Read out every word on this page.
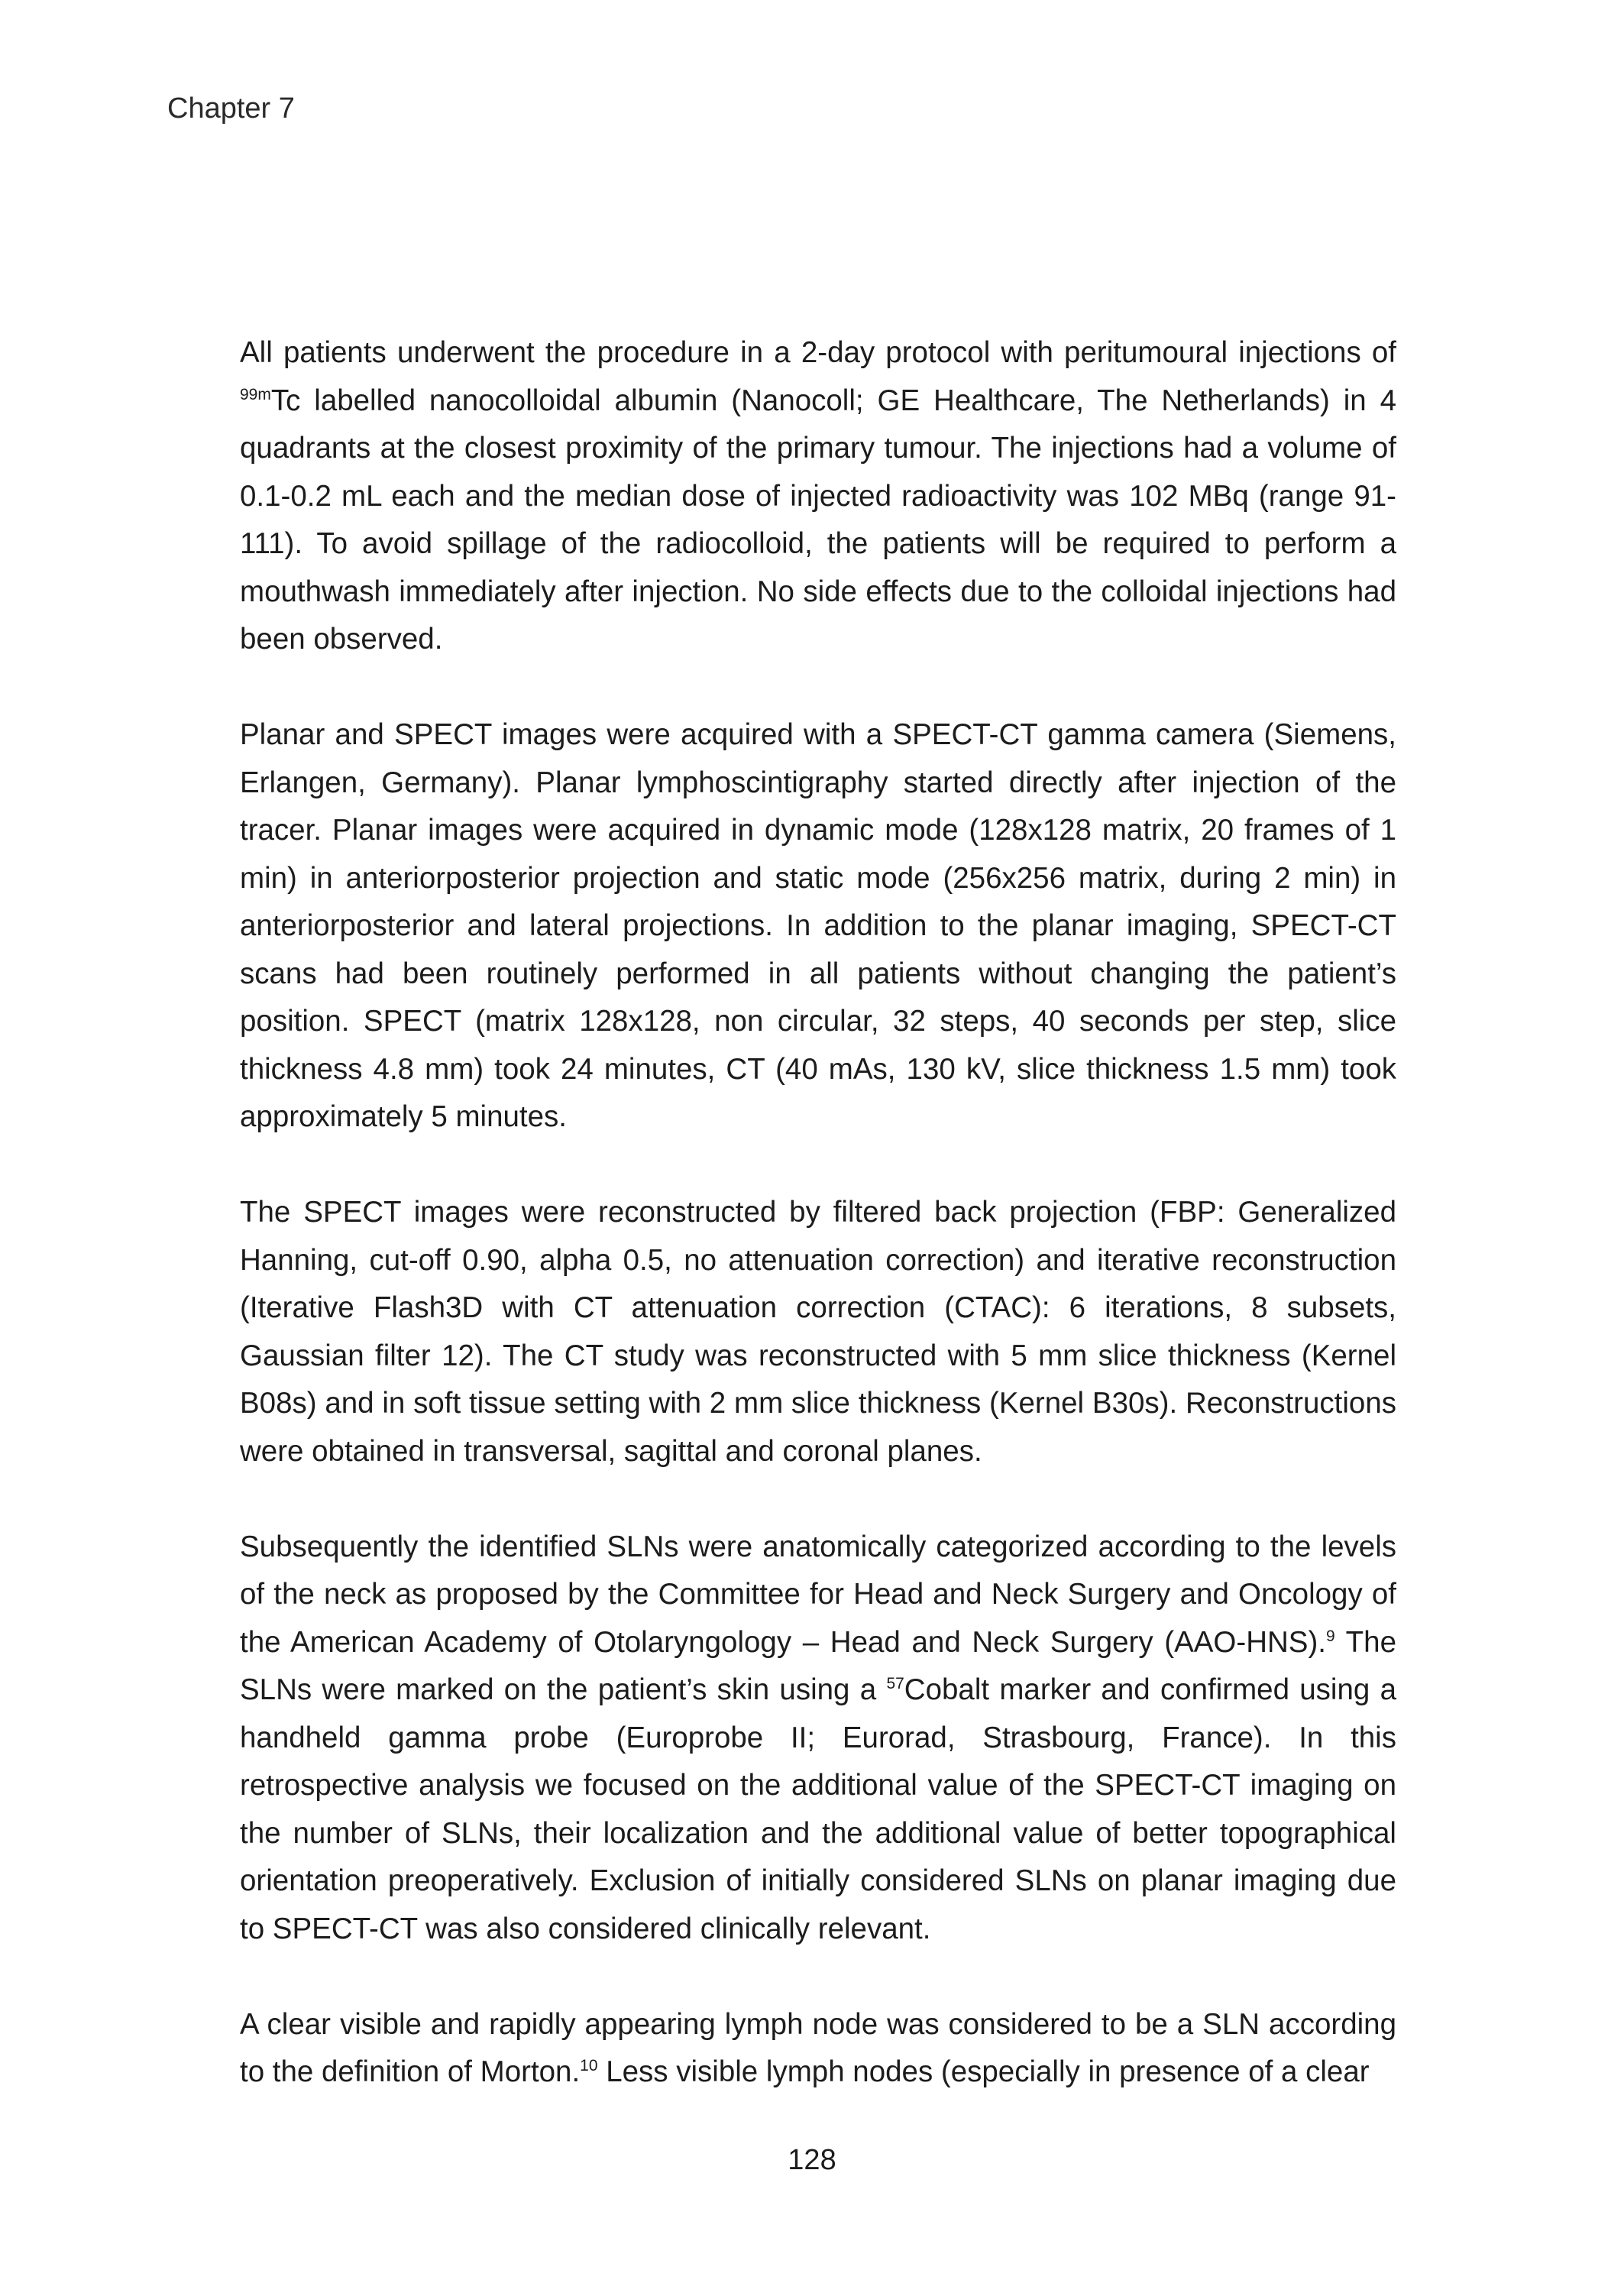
Chapter 7

All patients underwent the procedure in a 2-day protocol with peritumoural injections of $^{99m}$Tc labelled nanocolloidal albumin (Nanocoll; GE Healthcare, The Netherlands) in 4 quadrants at the closest proximity of the primary tumour. The injections had a volume of 0.1-0.2 mL each and the median dose of injected radioactivity was 102 MBq (range 91-111). To avoid spillage of the radiocolloid, the patients will be required to perform a mouthwash immediately after injection. No side effects due to the colloidal injections had been observed.

Planar and SPECT images were acquired with a SPECT-CT gamma camera (Siemens, Erlangen, Germany). Planar lymphoscintigraphy started directly after injection of the tracer. Planar images were acquired in dynamic mode (128x128 matrix, 20 frames of 1 min) in anteriorposterior projection and static mode (256x256 matrix, during 2 min) in anteriorposterior and lateral projections. In addition to the planar imaging, SPECT-CT scans had been routinely performed in all patients without changing the patient’s position. SPECT (matrix 128x128, non circular, 32 steps, 40 seconds per step, slice thickness 4.8 mm) took 24 minutes, CT (40 mAs, 130 kV, slice thickness 1.5 mm) took approximately 5 minutes.

The SPECT images were reconstructed by filtered back projection (FBP: Generalized Hanning, cut-off 0.90, alpha 0.5, no attenuation correction) and iterative reconstruction (Iterative Flash3D with CT attenuation correction (CTAC): 6 iterations, 8 subsets, Gaussian filter 12). The CT study was reconstructed with 5 mm slice thickness (Kernel B08s) and in soft tissue setting with 2 mm slice thickness (Kernel B30s). Reconstructions were obtained in transversal, sagittal and coronal planes.

Subsequently the identified SLNs were anatomically categorized according to the levels of the neck as proposed by the Committee for Head and Neck Surgery and Oncology of the American Academy of Otolaryngology – Head and Neck Surgery (AAO-HNS).$^9$ The SLNs were marked on the patient’s skin using a $^{57}$Cobalt marker and confirmed using a handheld gamma probe (Europrobe II; Eurorad, Strasbourg, France). In this retrospective analysis we focused on the additional value of the SPECT-CT imaging on the number of SLNs, their localization and the additional value of better topographical orientation preoperatively. Exclusion of initially considered SLNs on planar imaging due to SPECT-CT was also considered clinically relevant.

A clear visible and rapidly appearing lymph node was considered to be a SLN according to the definition of Morton.$^{10}$ Less visible lymph nodes (especially in presence of a clear

128
